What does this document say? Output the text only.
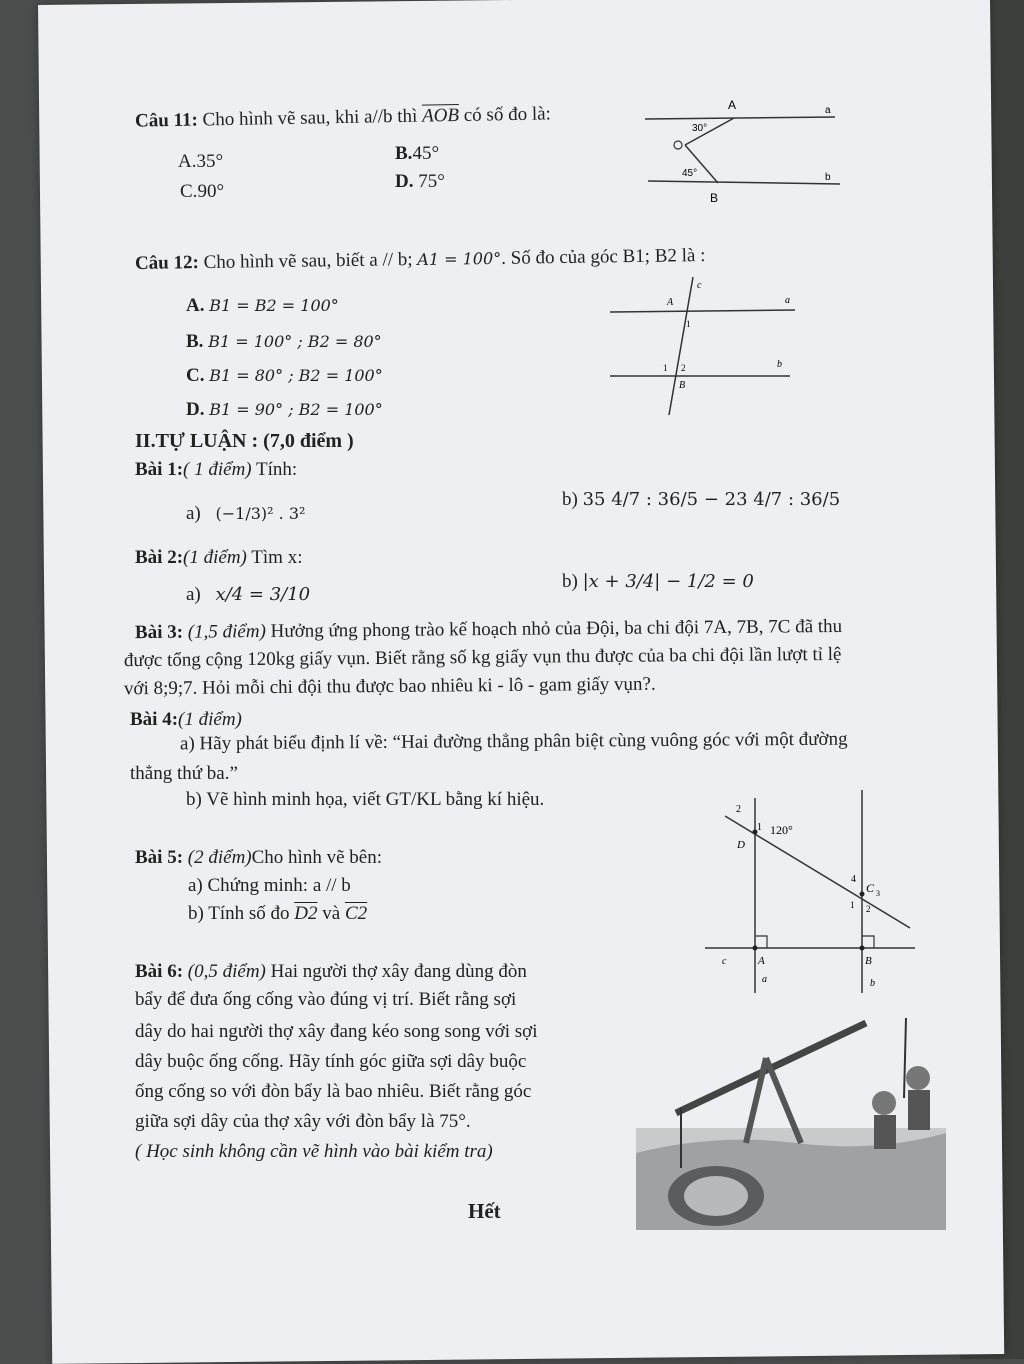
Câu 11: Cho hình vẽ sau, khi a//b thì $\overline{AOB}$ có số đo là:
A.35°	B.45°
C.90°	D. 75°
A
B
a
b
30°
45°
Câu 12: Cho hình vẽ sau, biết a // b; A1 = 100°. Số đo của góc B1; B2 là :
A. B1 = B2 = 100°
B. B1 = 100° ; B2 = 80°
C. B1 = 80° ; B2 = 100°
D. B1 = 90° ; B2 = 100°
c
A	a
1
1 2	b
B
II.TỰ LUẬN : (7,0 điểm )
Bài 1:( 1 điểm) Tính:
a) (−1/3)² . 3²
b) 35 4/7 : 36/5 − 23 4/7 : 36/5
Bài 2:(1 điểm) Tìm x:
a) x/4 = 3/10
b) |x + 3/4| − 1/2 = 0
Bài 3: (1,5 điểm) Hưởng ứng phong trào kế hoạch nhỏ của Đội, ba chi đội 7A, 7B, 7C đã thu
được tổng cộng 120kg giấy vụn. Biết rằng số kg giấy vụn thu được của ba chi đội lần lượt tỉ lệ
với 8;9;7. Hỏi mỗi chi đội thu được bao nhiêu ki - lô - gam giấy vụn?.
Bài 4:(1 điểm)
a) Hãy phát biểu định lí về: “Hai đường thẳng phân biệt cùng vuông góc với một đường
thẳng thứ ba.”
b) Vẽ hình minh họa, viết GT/KL bằng kí hiệu.
Bài 5: (2 điểm)Cho hình vẽ bên:
a) Chứng minh: a // b
b) Tính số đo D2 và C2
2
1 120°
D
4
C 3
1 2
c	A	B
a	b
Bài 6: (0,5 điểm) Hai người thợ xây đang dùng đòn
bẩy để đưa ống cống vào đúng vị trí. Biết rằng sợi
dây do hai người thợ xây đang kéo song song với sợi
dây buộc ống cống. Hãy tính góc giữa sợi dây buộc
ống cống so với đòn bẩy là bao nhiêu. Biết rằng góc
giữa sợi dây của thợ xây với đòn bẩy là 75°.
( Học sinh không cần vẽ hình vào bài kiểm tra)
Hết
